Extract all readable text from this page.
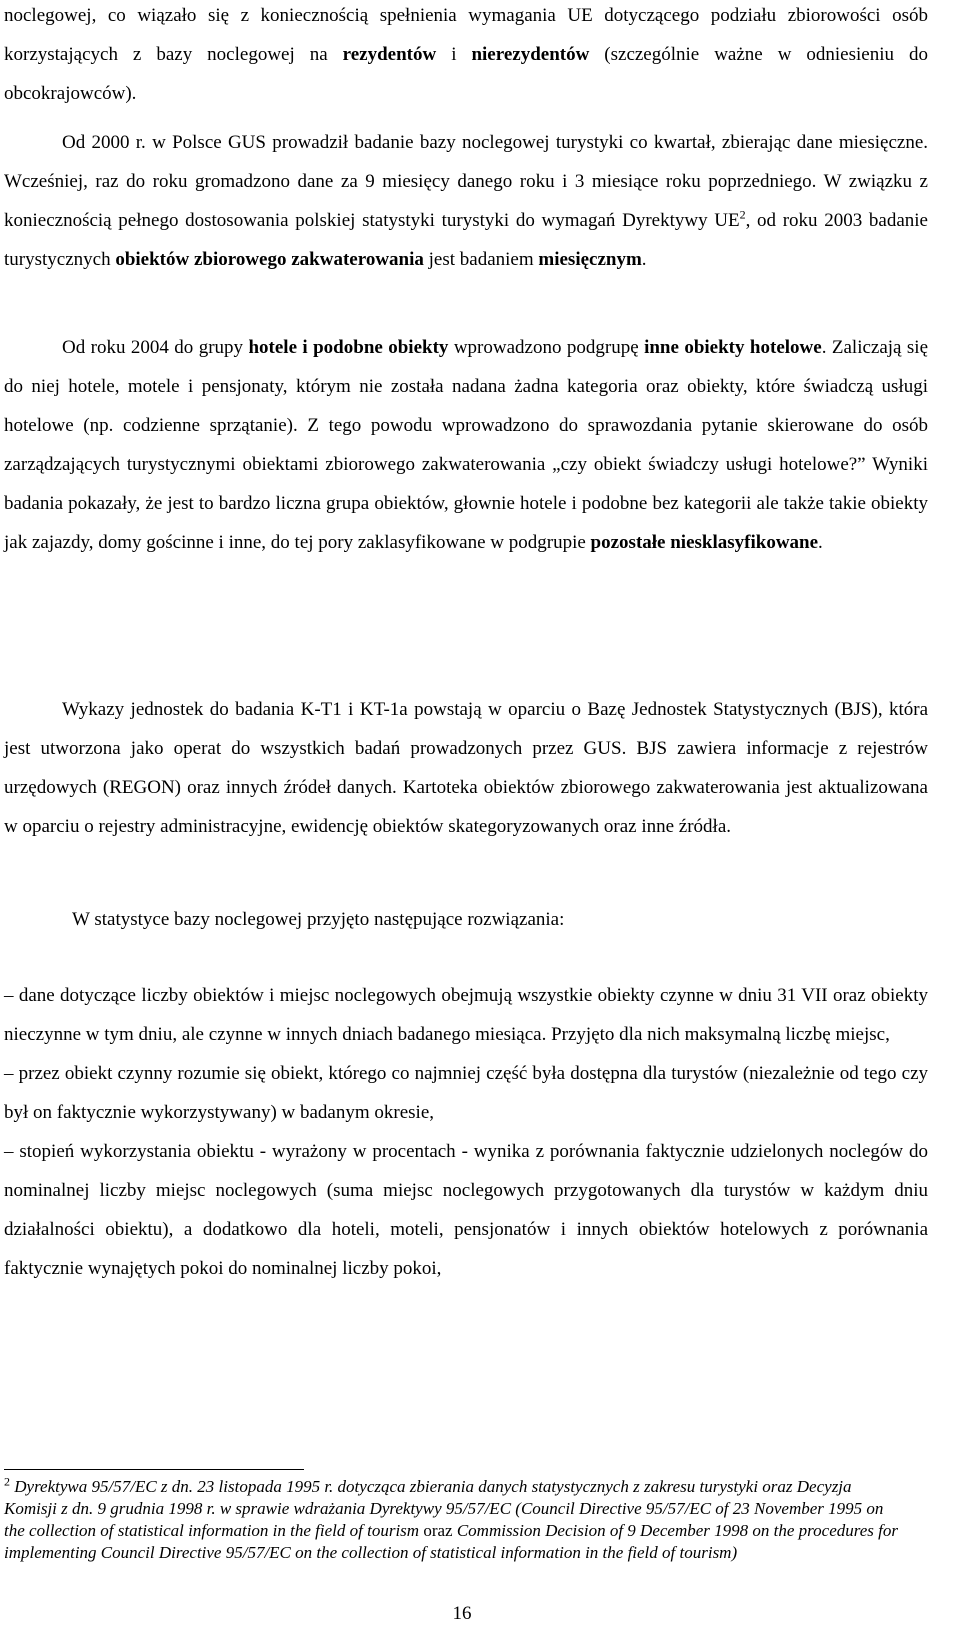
noclegowej, co wiązało się z koniecznością spełnienia wymagania UE dotyczącego podziału zbiorowości osób korzystających z bazy noclegowej na rezydentów i nierezydentów (szczególnie ważne w odniesieniu do obcokrajowców).

Od 2000 r. w Polsce GUS prowadził badanie bazy noclegowej turystyki co kwartał, zbierając dane miesięczne. Wcześniej, raz do roku gromadzono dane za 9 miesięcy danego roku i 3 miesiące roku poprzedniego. W związku z koniecznością pełnego dostosowania polskiej statystyki turystyki do wymagań Dyrektywy $UE^2$, od roku 2003 badanie turystycznych obiektów zbiorowego zakwaterowania jest badaniem miesięcznym.

Od roku 2004 do grupy hotele i podobne obiekty wprowadzono podgrupę inne obiekty hotelowe. Zaliczają się do niej hotele, motele i pensjonaty, którym nie została nadana żadna kategoria oraz obiekty, które świadczą usługi hotelowe (np. codzienne sprzątanie). Z tego powodu wprowadzono do sprawozdania pytanie skierowane do osób zarządzających turystycznymi obiektami zbiorowego zakwaterowania „czy obiekt świadczy usługi hotelowe?” Wyniki badania pokazały, że jest to bardzo liczna grupa obiektów, głownie hotele i podobne bez kategorii ale także takie obiekty jak zajazdy, domy gościnne i inne, do tej pory zaklasyfikowane w podgrupie pozostałe niesklasyfikowane.

Wykazy jednostek do badania K-T1 i KT-1a powstają w oparciu o Bazę Jednostek Statystycznych (BJS), która jest utworzona jako operat do wszystkich badań prowadzonych przez GUS. BJS zawiera informacje z rejestrów urzędowych (REGON) oraz innych źródeł danych. Kartoteka obiektów zbiorowego zakwaterowania jest aktualizowana w oparciu o rejestry administracyjne, ewidencję obiektów skategoryzowanych oraz inne źródła.

W statystyce bazy noclegowej przyjęto następujące rozwiązania:

– dane dotyczące liczby obiektów i miejsc noclegowych obejmują wszystkie obiekty czynne w dniu 31 VII oraz obiekty nieczynne w tym dniu, ale czynne w innych dniach badanego miesiąca. Przyjęto dla nich maksymalną liczbę miejsc,

– przez obiekt czynny rozumie się obiekt, którego co najmniej część była dostępna dla turystów (niezależnie od tego czy był on faktycznie wykorzystywany) w badanym okresie,

– stopień wykorzystania obiektu - wyrażony w procentach - wynika z porównania faktycznie udzielonych noclegów do nominalnej liczby miejsc noclegowych (suma miejsc noclegowych przygotowanych dla turystów w każdym dniu działalności obiektu), a dodatkowo dla hoteli, moteli, pensjonatów i innych obiektów hotelowych z porównania faktycznie wynajętych pokoi do nominalnej liczby pokoi,

$^2$ Dyrektywa 95/57/EC z dn. 23 listopada 1995 r. dotycząca zbierania danych statystycznych z zakresu turystyki oraz Decyzja Komisji z dn. 9 grudnia 1998 r. w sprawie wdrażania Dyrektywy 95/57/EC (Council Directive 95/57/EC of 23 November 1995 on the collection of statistical information in the field of tourism oraz Commission Decision of 9 December 1998 on the procedures for implementing Council Directive 95/57/EC on the collection of statistical information in the field of tourism)

16
